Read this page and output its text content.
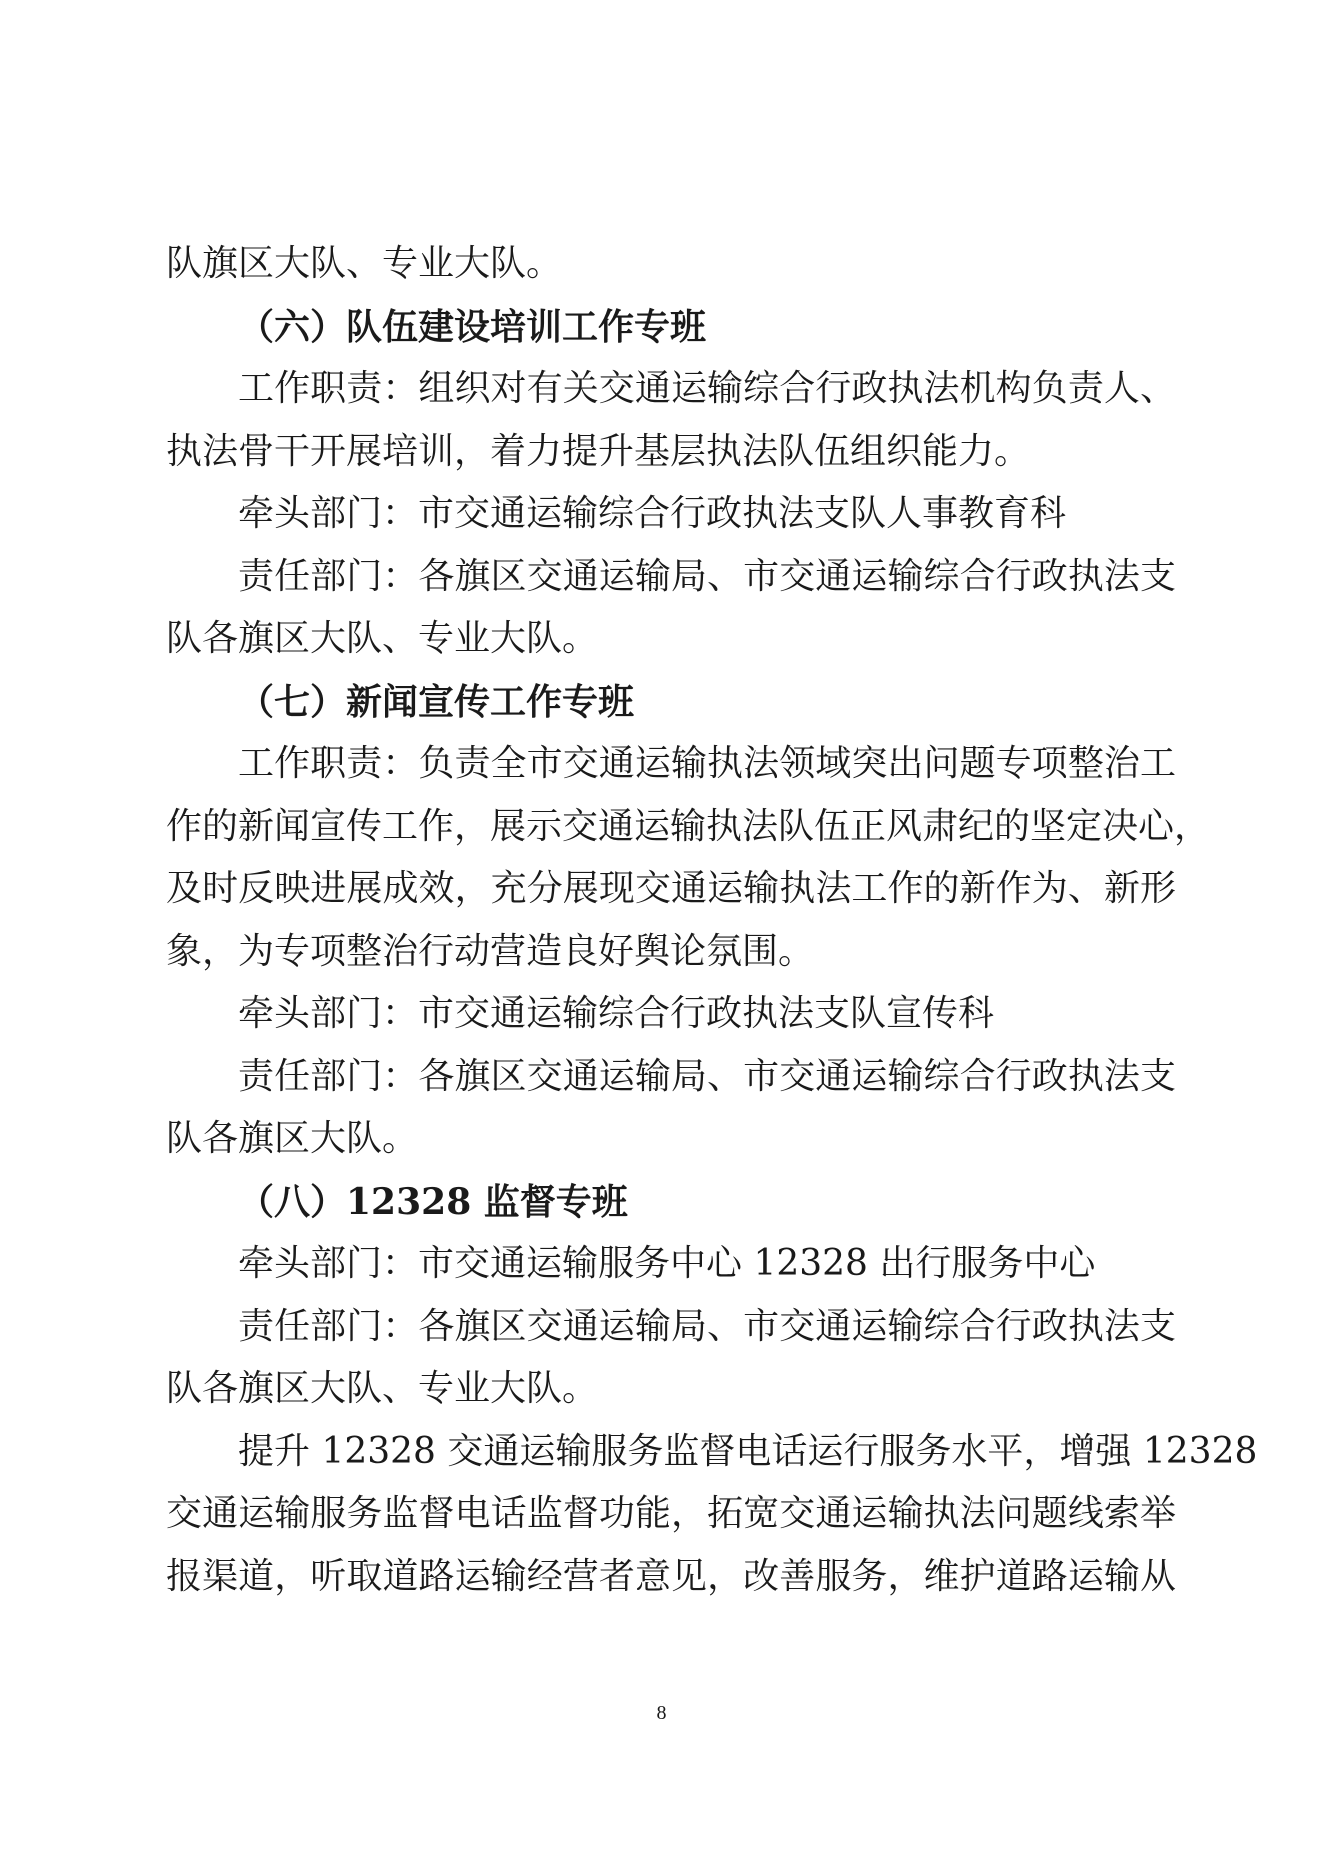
队旗区大队、专业大队。
（六）队伍建设培训工作专班
工作职责：组织对有关交通运输综合行政执法机构负责人、
执法骨干开展培训，着力提升基层执法队伍组织能力。
牵头部门：市交通运输综合行政执法支队人事教育科
责任部门：各旗区交通运输局、市交通运输综合行政执法支
队各旗区大队、专业大队。
（七）新闻宣传工作专班
工作职责：负责全市交通运输执法领域突出问题专项整治工
作的新闻宣传工作，展示交通运输执法队伍正风肃纪的坚定决心，
及时反映进展成效，充分展现交通运输执法工作的新作为、新形
象，为专项整治行动营造良好舆论氛围。
牵头部门：市交通运输综合行政执法支队宣传科
责任部门：各旗区交通运输局、市交通运输综合行政执法支
队各旗区大队。
（八）12328 监督专班
牵头部门：市交通运输服务中心 12328 出行服务中心
责任部门：各旗区交通运输局、市交通运输综合行政执法支
队各旗区大队、专业大队。
提升 12328 交通运输服务监督电话运行服务水平，增强 12328
交通运输服务监督电话监督功能，拓宽交通运输执法问题线索举
报渠道，听取道路运输经营者意见，改善服务，维护道路运输从
8
